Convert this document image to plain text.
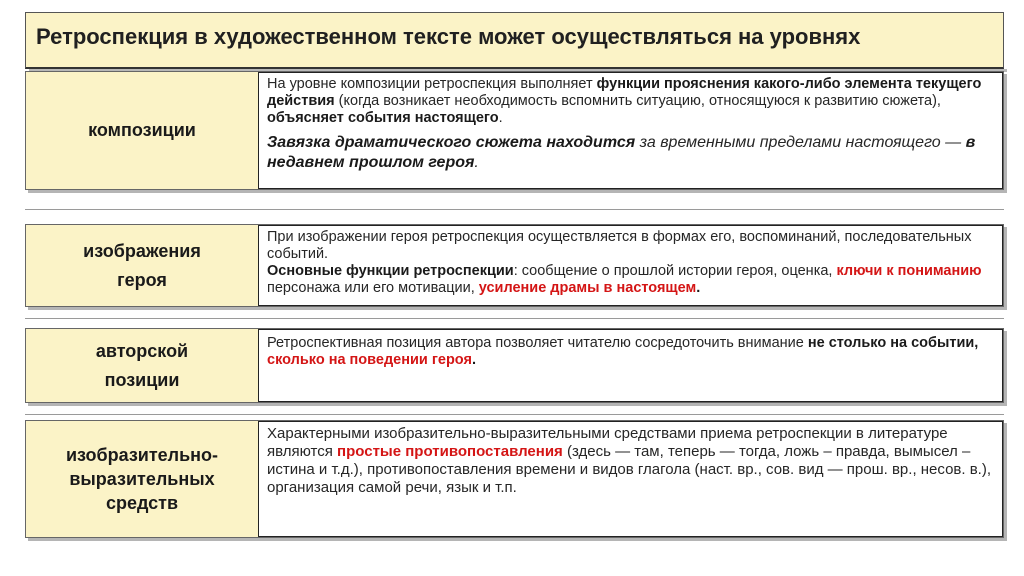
Ретроспекция в художественном тексте может осуществляться на уровнях
композиции

На уровне композиции ретроспекция выполняет функции прояснения какого-либо элемента текущего действия (когда возникает необходимость вспомнить ситуацию, относящуюся к развитию сюжета), объясняет события настоящего.

Завязка драматического сюжета находится за временными пределами настоящего — в недавнем прошлом героя.

изображения
героя

При изображении героя ретроспекция осуществляется в формах его, воспоминаний, последовательных событий.

Основные функции ретроспекции: сообщение о прошлой истории героя, оценка, ключи к пониманию персонажа или его мотивации, усиление драмы в настоящем.

авторской
позиции

Ретроспективная позиция автора позволяет читателю сосредоточить внимание не столько на событии, сколько на поведении героя.

изобразительно-
выразительных
средств

Характерными изобразительно-выразительными средствами приема ретроспекции в литературе являются простые противопоставления (здесь — там, теперь — тогда, ложь – правда, вымысел –истина и т.д.), противопоставления времени и видов глагола (наст. вр., сов. вид — прош. вр., несов. в.), организация самой речи, язык и т.п.
